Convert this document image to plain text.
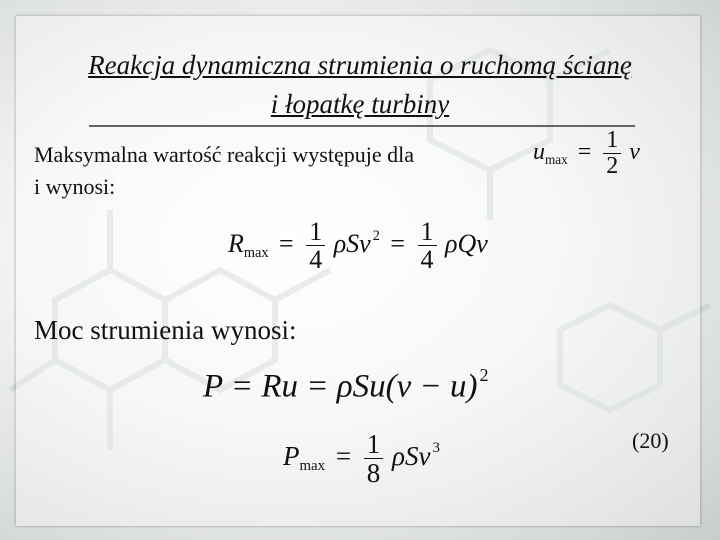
Reakcja dynamiczna strumienia o ruchomą ścianę
i łopatkę turbiny
Maksymalna wartość reakcji występuje dla
i wynosi:
$u_{max} = \frac{1}{2}$ v
$R_{max} = \frac{1}{4}$ ρSv $^2 = \frac{1}{4}$ ρQv
Moc strumienia wynosi:
P = Ru = ρSu(v − u) $^2$
(20)
$P_{max} = \frac{1}{8}$ ρSv $^3$
